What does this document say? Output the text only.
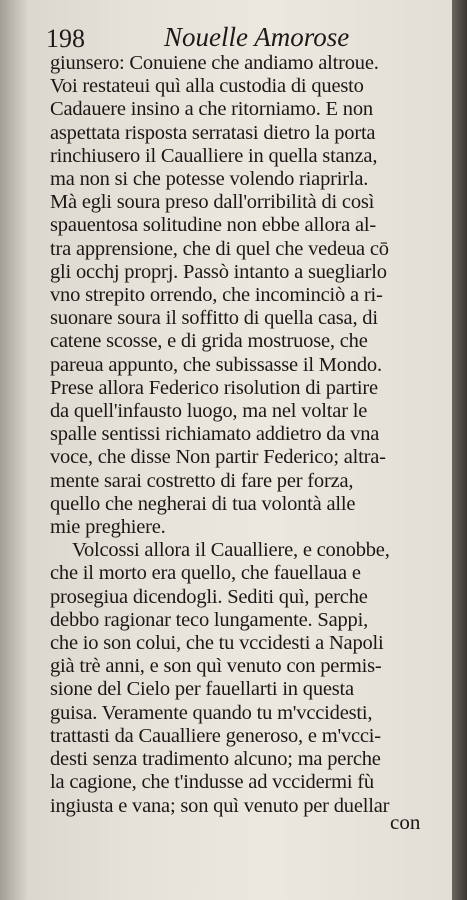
198	Nouelle Amorose
giunsero: Conuiene che andiamo altroue.
Voi restateui quì alla custodia di questo
Cadauere insino a che ritorniamo. E non
aspettata risposta serratasi dietro la porta
rinchiusero il Caualliere in quella stanza,
ma non si che potesse volendo riaprirla.
Mà egli soura preso dall'orribilità di così
spauentosa solitudine non ebbe allora al-
tra apprensione, che di quel che vedeua cō
gli occhj proprj. Passò intanto a suegliarlo
vno strepito orrendo, che incominciò a ri-
suonare soura il soffitto di quella casa, di
catene scosse, e di grida mostruose, che
pareua appunto, che subissasse il Mondo.
Prese allora Federico risolution di partire
da quell'infausto luogo, ma nel voltar le
spalle sentissi richiamato addietro da vna
voce, che disse Non partir Federico; altra-
mente sarai costretto di fare per forza,
quello che negherai di tua volontà alle
mie preghiere.
Volcossi allora il Caualliere, e conobbe,
che il morto era quello, che fauellaua e
prosegiua dicendogli. Sediti quì, perche
debbo ragionar teco lungamente. Sappi,
che io son colui, che tu vccidesti a Napoli
già trè anni, e son quì venuto con permis-
sione del Cielo per fauellarti in questa
guisa. Veramente quando tu m'vccidesti,
trattasti da Caualliere generoso, e m'vcci-
desti senza tradimento alcuno; ma perche
la cagione, che t'indusse ad vccidermi fù
ingiusta e vana; son quì venuto per duellar
con
